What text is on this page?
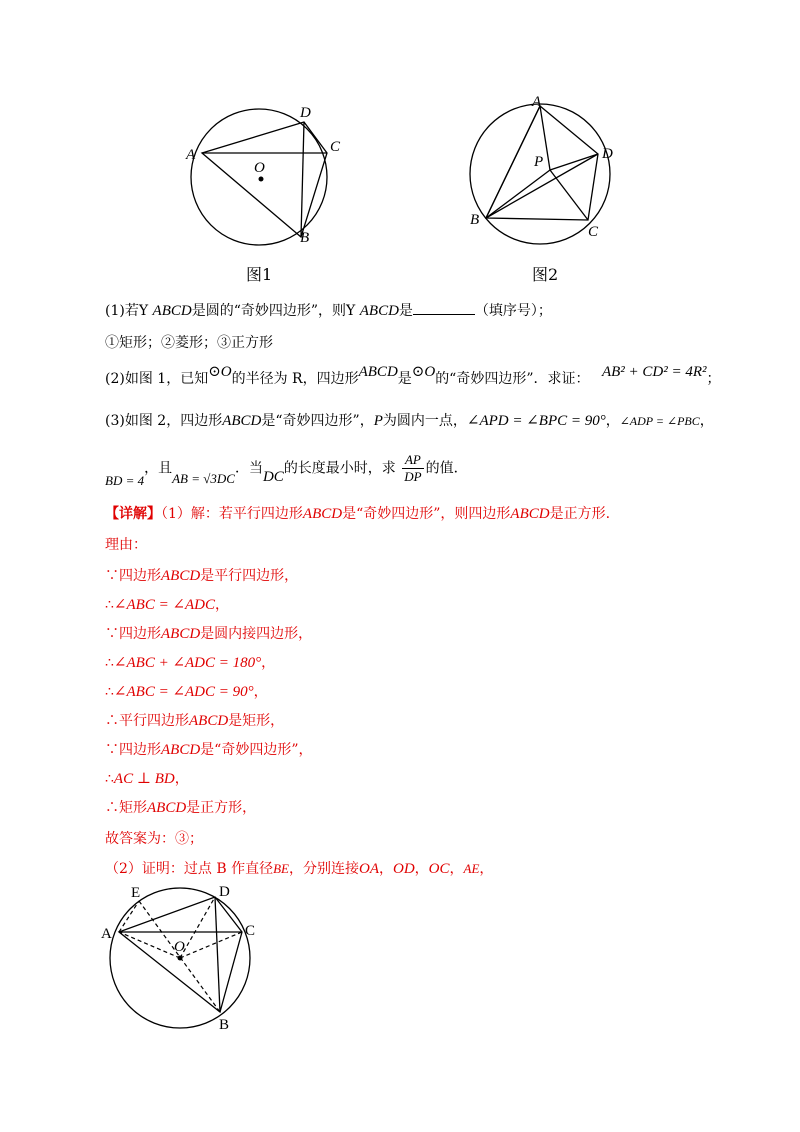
A
D
C
O
B
图1
A
P	D
B
C
图2
(1)若Y ABCD是圆的“奇妙四边形”，则Y ABCD是	（填序号）；
①矩形；②菱形；③正方形
(2)如图 1，已知⊙O的半径为 R，四边形ABCD是⊙O的“奇妙四边形”．求证： AB² + CD² = 4R²；
(3)如图 2，四边形ABCD是“奇妙四边形”，P为圆内一点，∠APD = ∠BPC = 90°，∠ADP = ∠PBC，
BD = 4，且AB = √3DC．当DC的长度最小时，求 $\frac{AP}{DP}$ 的值．
【详解】（1）解：若平行四边形ABCD是“奇妙四边形”，则四边形ABCD是正方形.
理由：
∵四边形ABCD是平行四边形，
∴∠ABC = ∠ADC，
∵四边形ABCD是圆内接四边形，
∴∠ABC + ∠ADC = 180°，
∴∠ABC = ∠ADC = 90°，
∴平行四边形ABCD是矩形，
∵四边形ABCD是“奇妙四边形”，
∴AC ⊥ BD，
∴矩形ABCD是正方形，
故答案为：③；
（2）证明：过点 B 作直径BE，分别连接OA，OD，OC，AE，
E	D
A	C
O
B
